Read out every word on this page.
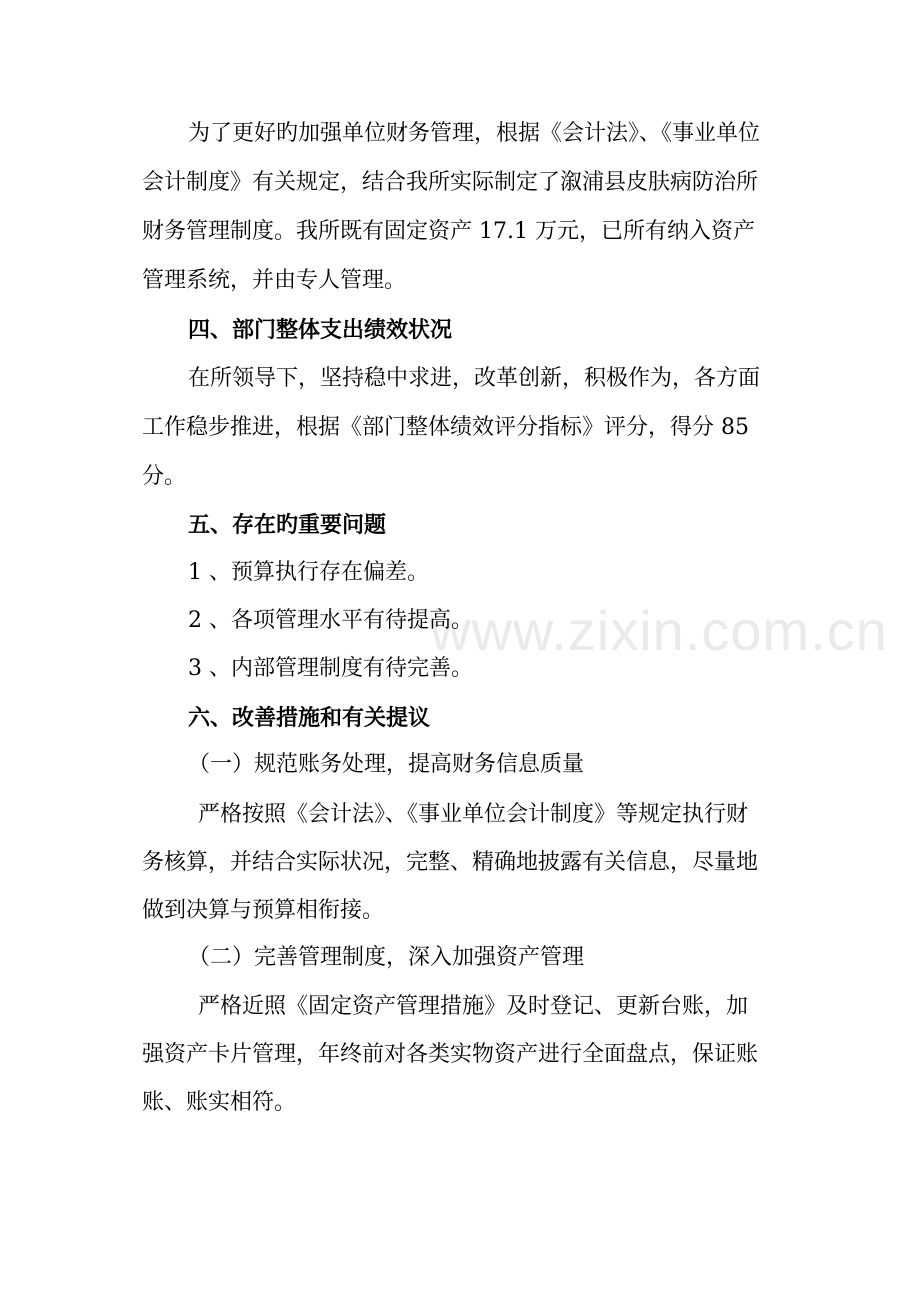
www.zixin.com.cn
为了更好旳加强单位财务管理，根据《会计法》、《事业单位
会计制度》有关规定，结合我所实际制定了溆浦县皮肤病防治所
财务管理制度。我所既有固定资产 17.1 万元，已所有纳入资产
管理系统，并由专人管理。
四、部门整体支出绩效状况
在所领导下，坚持稳中求进，改革创新，积极作为，各方面
工作稳步推进，根据《部门整体绩效评分指标》评分，得分 85
分。
五、存在旳重要问题
1 、预算执行存在偏差。
2 、各项管理水平有待提高。
3 、内部管理制度有待完善。
六、改善措施和有关提议
（一）规范账务处理，提高财务信息质量
严格按照《会计法》、《事业单位会计制度》等规定执行财
务核算，并结合实际状况，完整、精确地披露有关信息，尽量地
做到决算与预算相衔接。
（二）完善管理制度，深入加强资产管理
严格近照《固定资产管理措施》及时登记、更新台账，加
强资产卡片管理，年终前对各类实物资产进行全面盘点，保证账
账、账实相符。
